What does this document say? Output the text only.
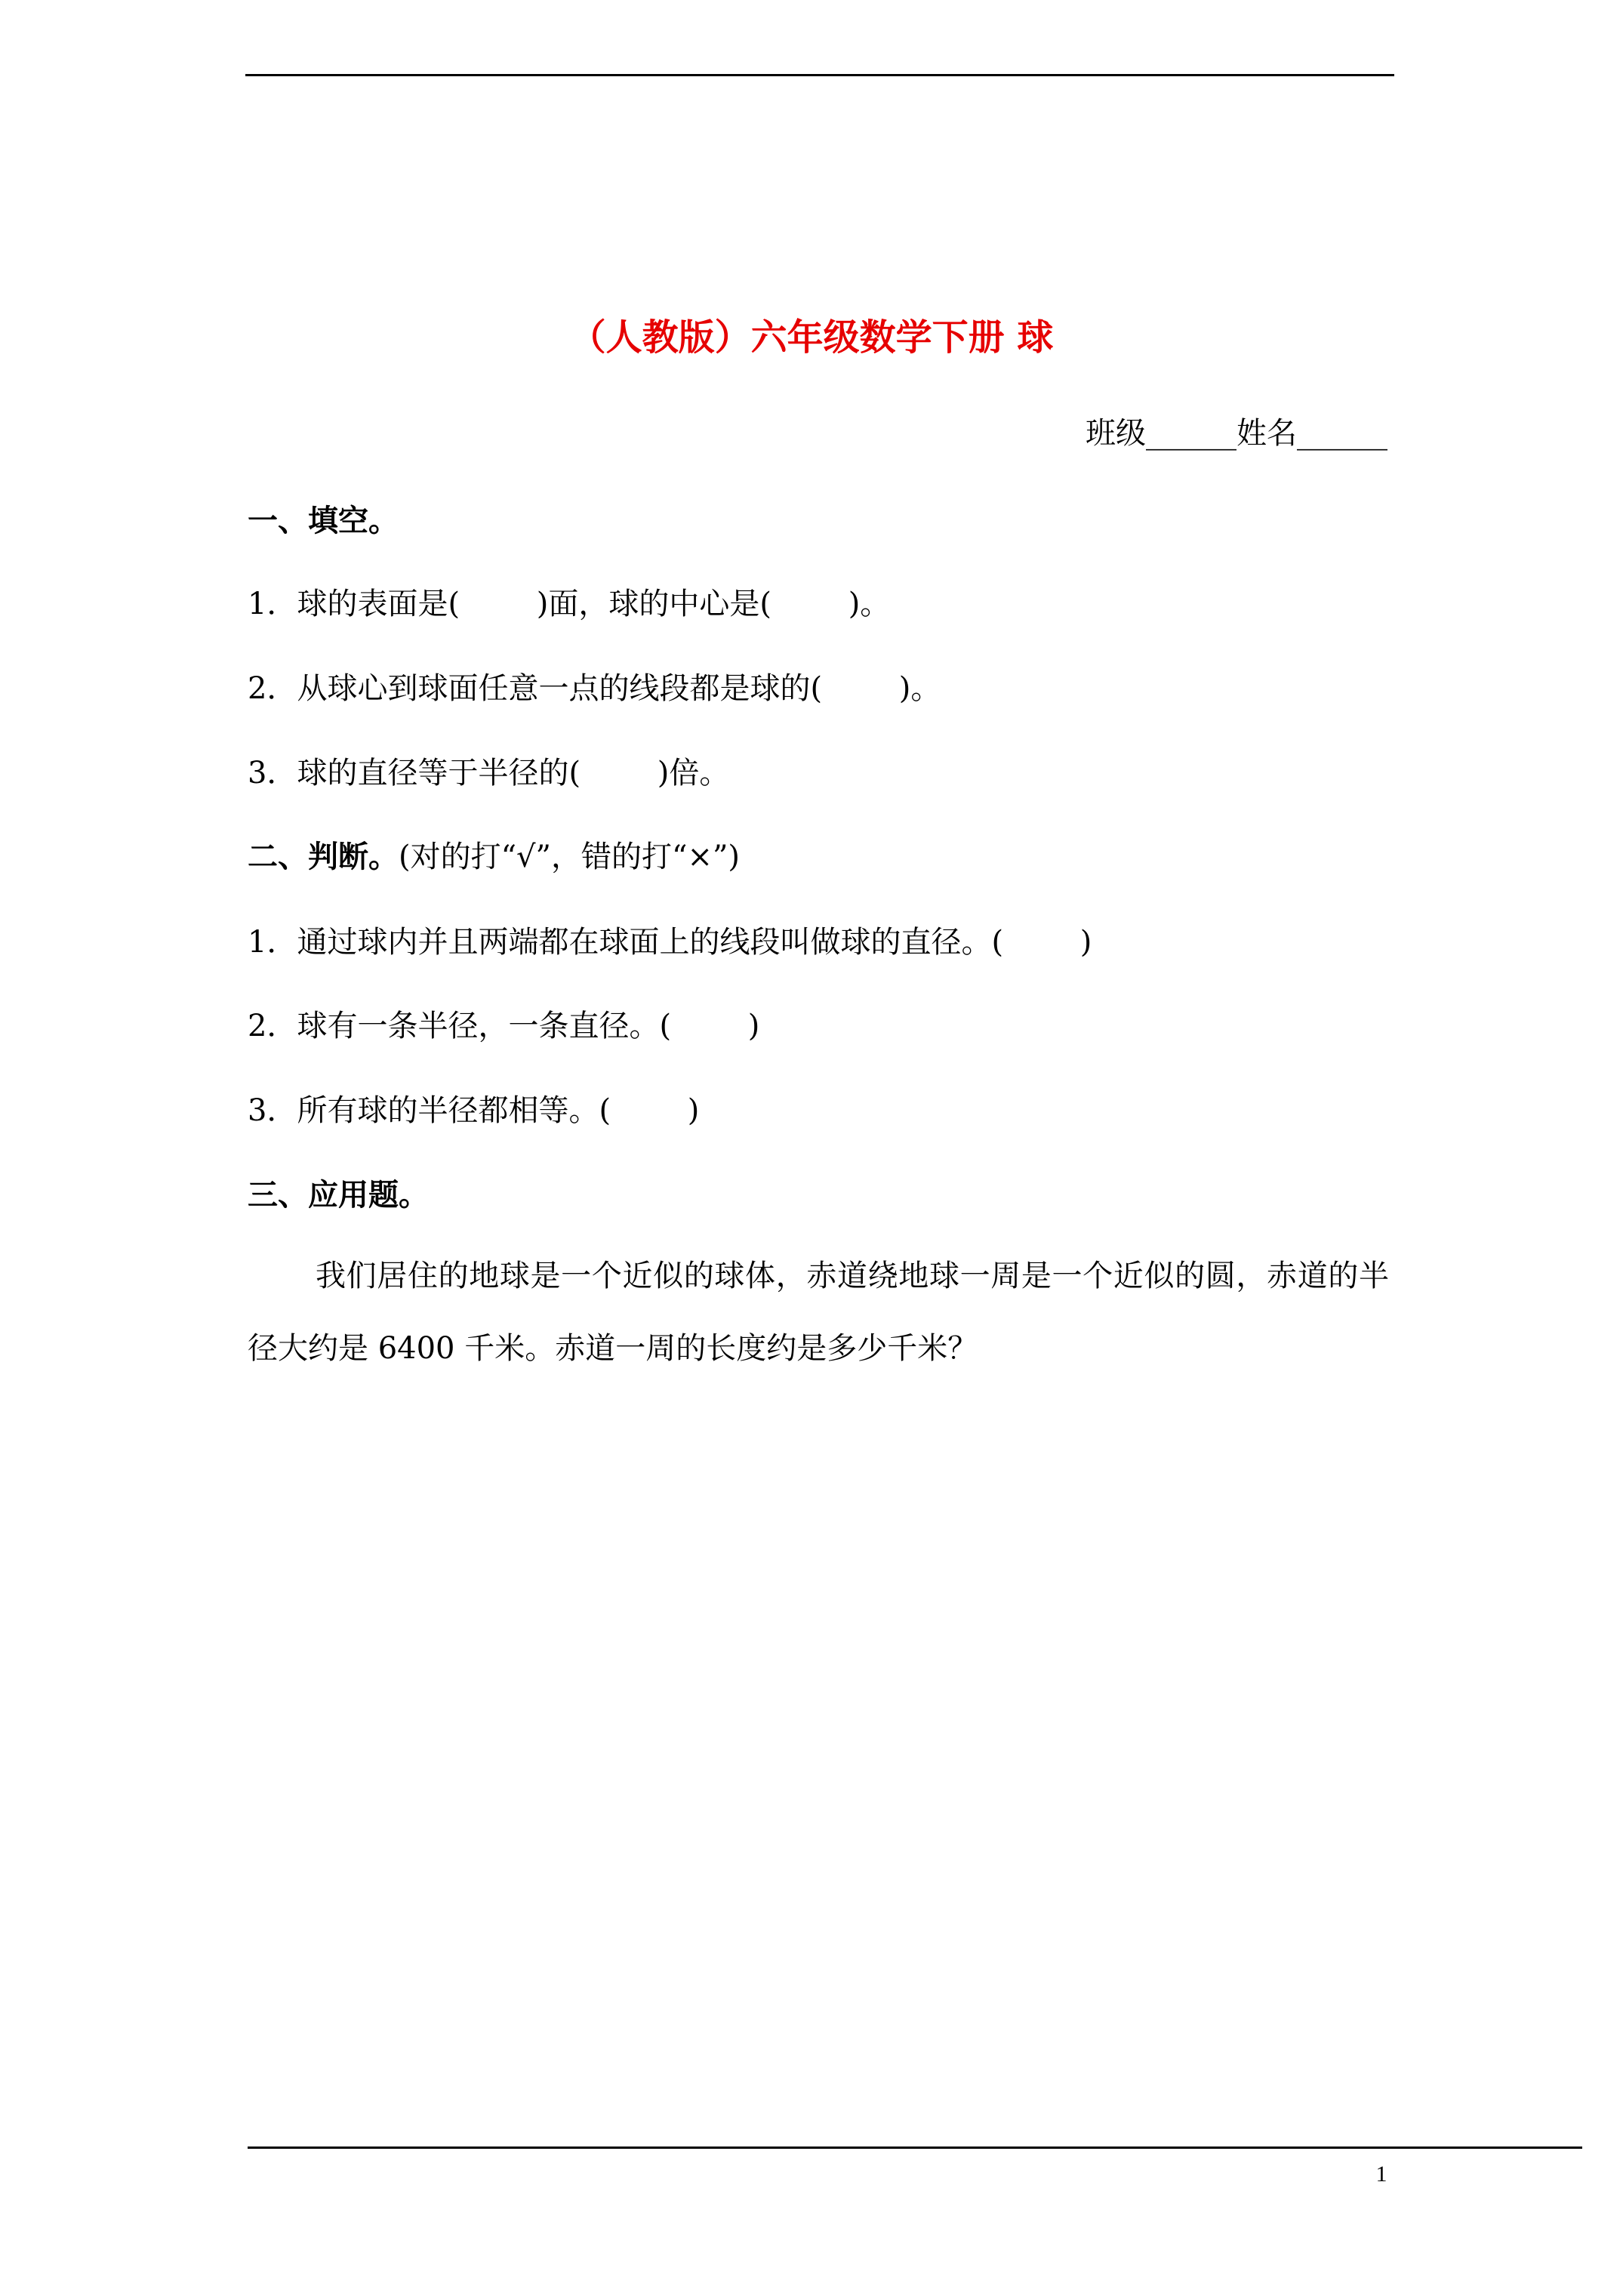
（人教版）六年级数学下册 球
班级______姓名______
一、填空。
1．球的表面是(        )面，球的中心是(        )。
2．从球心到球面任意一点的线段都是球的(        )。
3．球的直径等于半径的(        )倍。
二、判断。(对的打“√”，错的打“×”)
1．通过球内并且两端都在球面上的线段叫做球的直径。(        )
2．球有一条半径，一条直径。(        )
3．所有球的半径都相等。(        )
三、应用题。
我们居住的地球是一个近似的球体，赤道绕地球一周是一个近似的圆，赤道的半径大约是 6400 千米。赤道一周的长度约是多少千米？
1
